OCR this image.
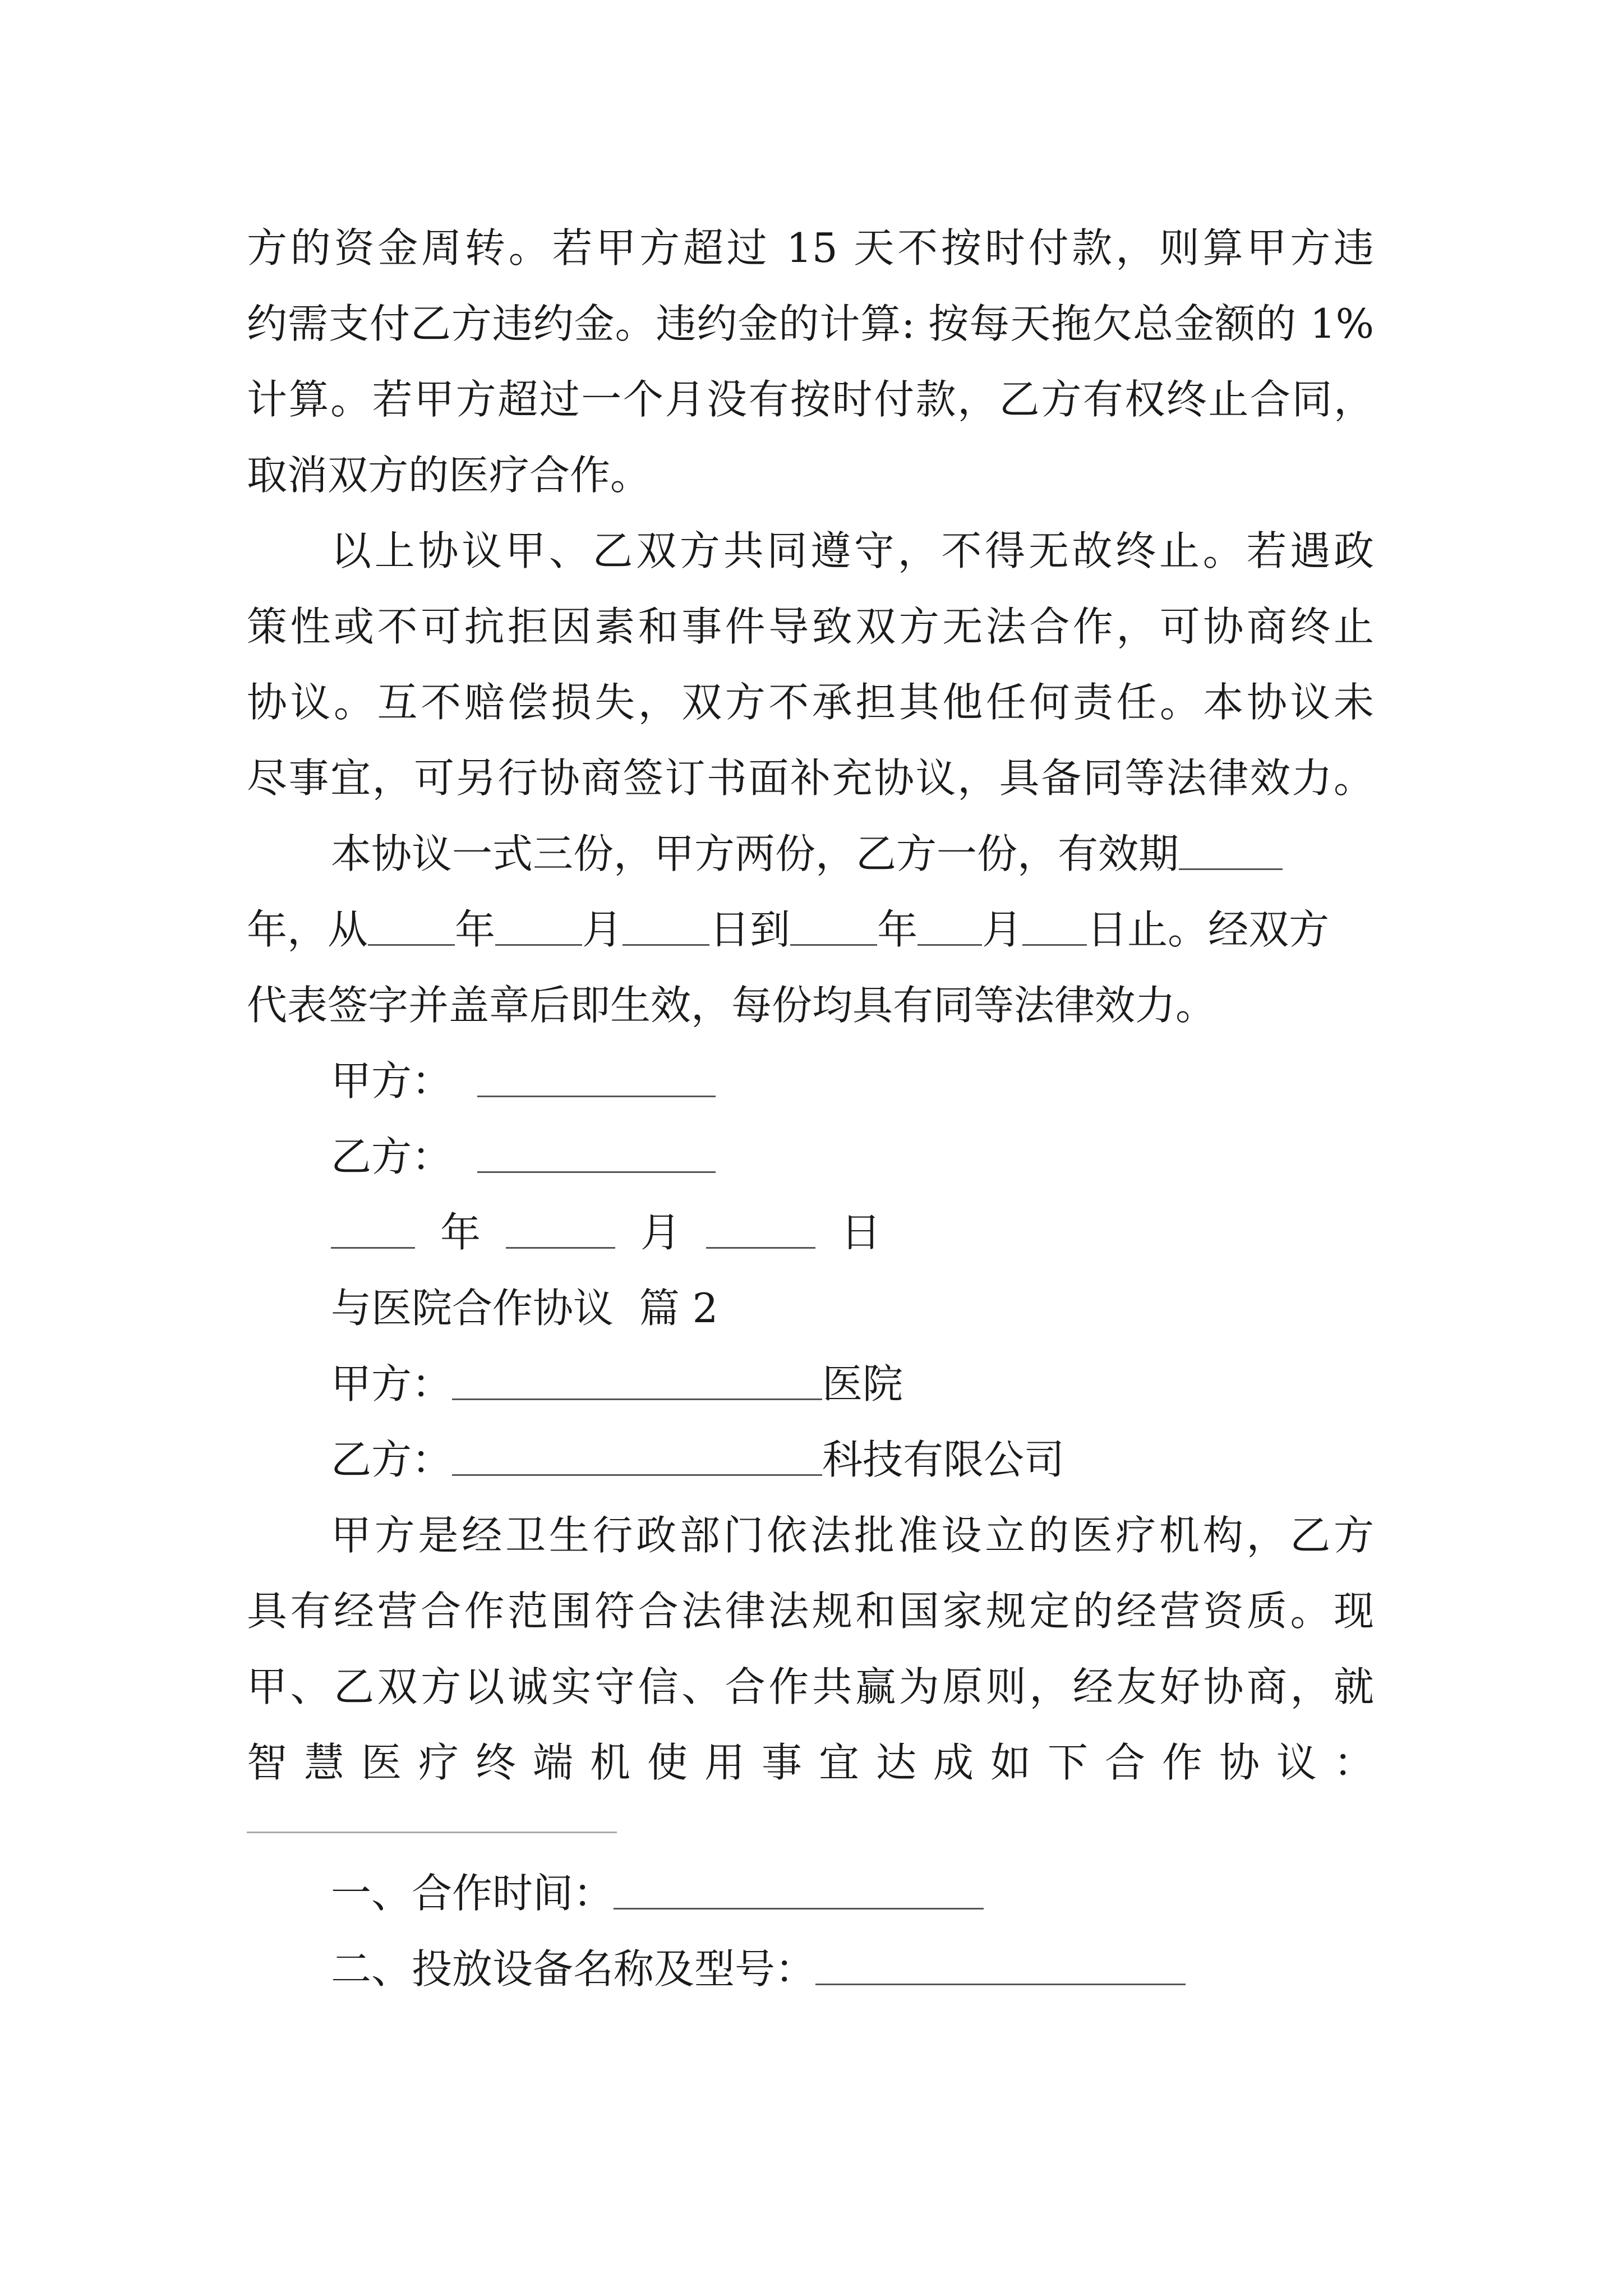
方的资金周转。若甲方超过 15 天不按时付款，则算甲方违

约需支付乙方违约金。违约金的计算: 按每天拖欠总金额的 1%

计算。若甲方超过一个月没有按时付款，乙方有权终止合同，

取消双方的医疗合作。

以上协议甲、乙双方共同遵守，不得无故终止。若遇政

策性或不可抗拒因素和事件导致双方无法合作，可协商终止

协议。互不赔偿损失，双方不承担其他任何责任。本协议未

尽事宜，可另行协商签订书面补充协议，具备同等法律效力。

本协议一式三份，甲方两份，乙方一份，有效期

年，从 年 月 日到 年 月 日止。经双方

代表签字并盖章后即生效，每份均具有同等法律效力。

甲方：

乙方：

年	月	日

与医院合作协议  篇 2

甲方：	医院

乙方：	科技有限公司

甲方是经卫生行政部门依法批准设立的医疗机构，乙方

具有经营合作范围符合法律法规和国家规定的经营资质。现

甲、乙双方以诚实守信、合作共赢为原则，经友好协商，就

智慧医疗终端机使用事宜达成如下合作协议：

一、合作时间：

二、投放设备名称及型号：
